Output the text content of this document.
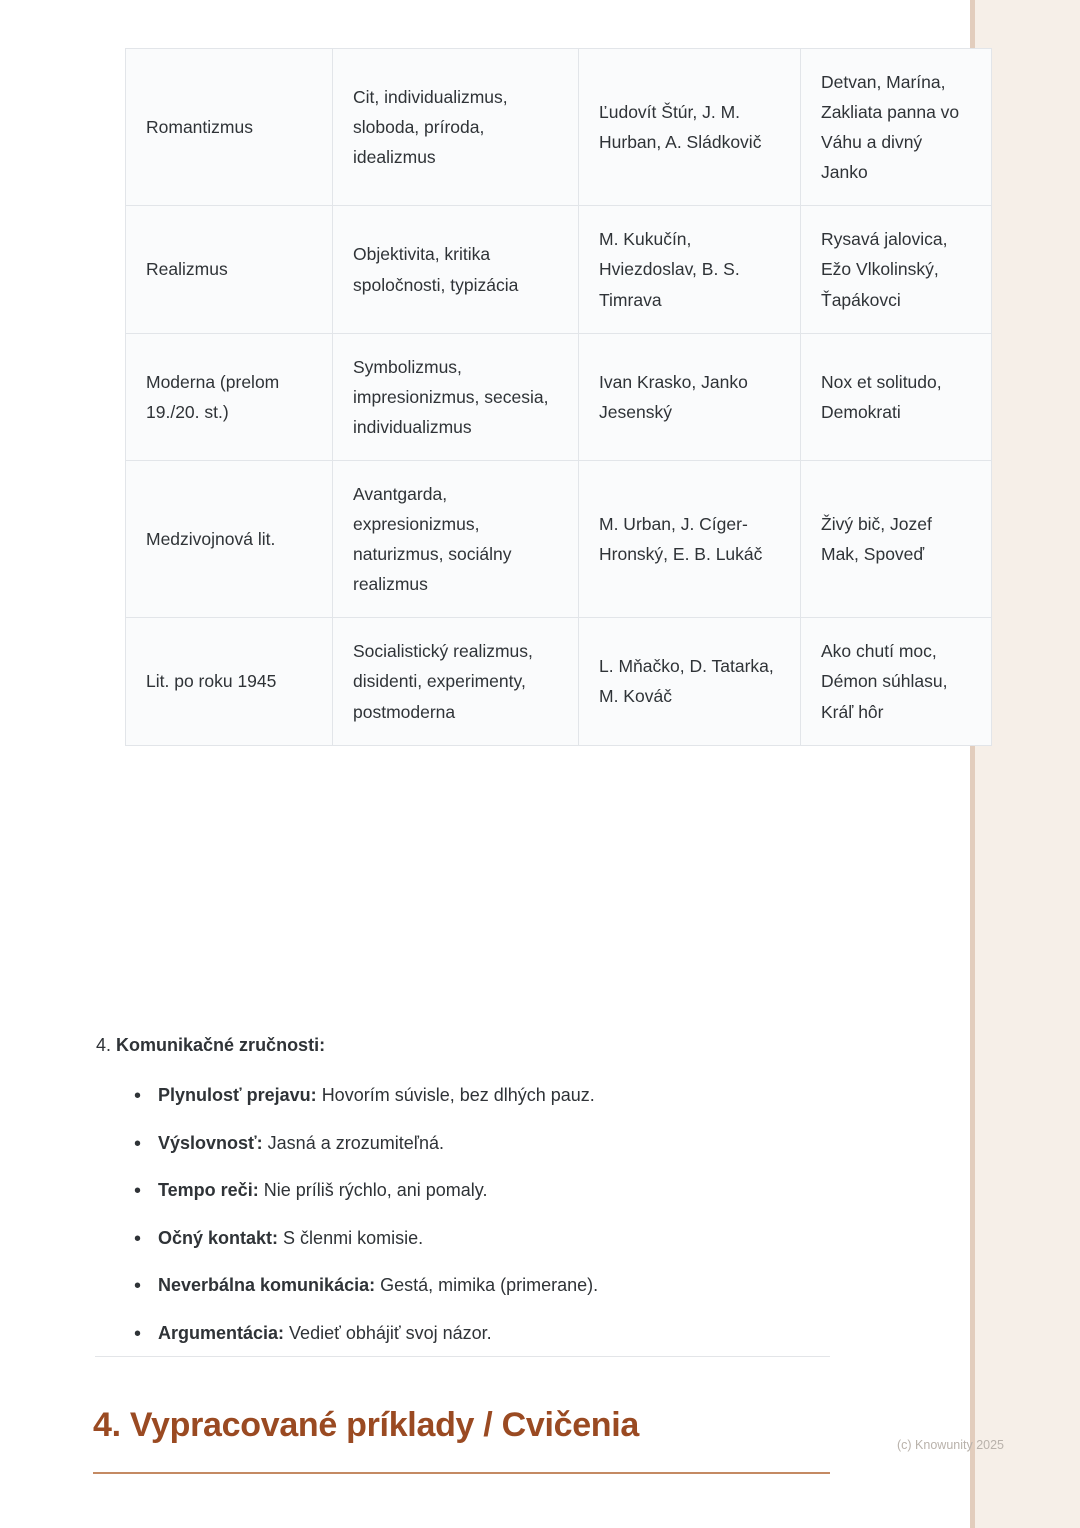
Romantizmus	Cit, individualizmus, sloboda, príroda, idealizmus	Ľudovít Štúr, J. M. Hurban, A. Sládkovič	Detvan, Marína, Zakliata panna vo Váhu a divný Janko
Realizmus	Objektivita, kritika spoločnosti, typizácia	M. Kukučín, Hviezdoslav, B. S. Timrava	Rysavá jalovica, Ežo Vlkolinský, Ťapákovci
Moderna (prelom 19./20. st.)	Symbolizmus, impresionizmus, secesia, individualizmus	Ivan Krasko, Janko Jesenský	Nox et solitudo, Demokrati
Medzivojnová lit.	Avantgarda, expresionizmus, naturizmus, sociálny realizmus	M. Urban, J. Cíger-Hronský, E. B. Lukáč	Živý bič, Jozef Mak, Spoveď
Lit. po roku 1945	Socialistický realizmus, disidenti, experimenty, postmoderna	L. Mňačko, D. Tatarka, M. Kováč	Ako chutí moc, Démon súhlasu, Kráľ hôr
4. Komunikačné zručnosti:
• Plynulosť prejavu: Hovorím súvisle, bez dlhých pauz.
• Výslovnosť: Jasná a zrozumiteľná.
• Tempo reči: Nie príliš rýchlo, ani pomaly.
• Očný kontakt: S členmi komisie.
• Neverbálna komunikácia: Gestá, mimika (primerane).
• Argumentácia: Vedieť obhájiť svoj názor.
4. Vypracované príklady / Cvičenia
(c) Knowunity 2025
